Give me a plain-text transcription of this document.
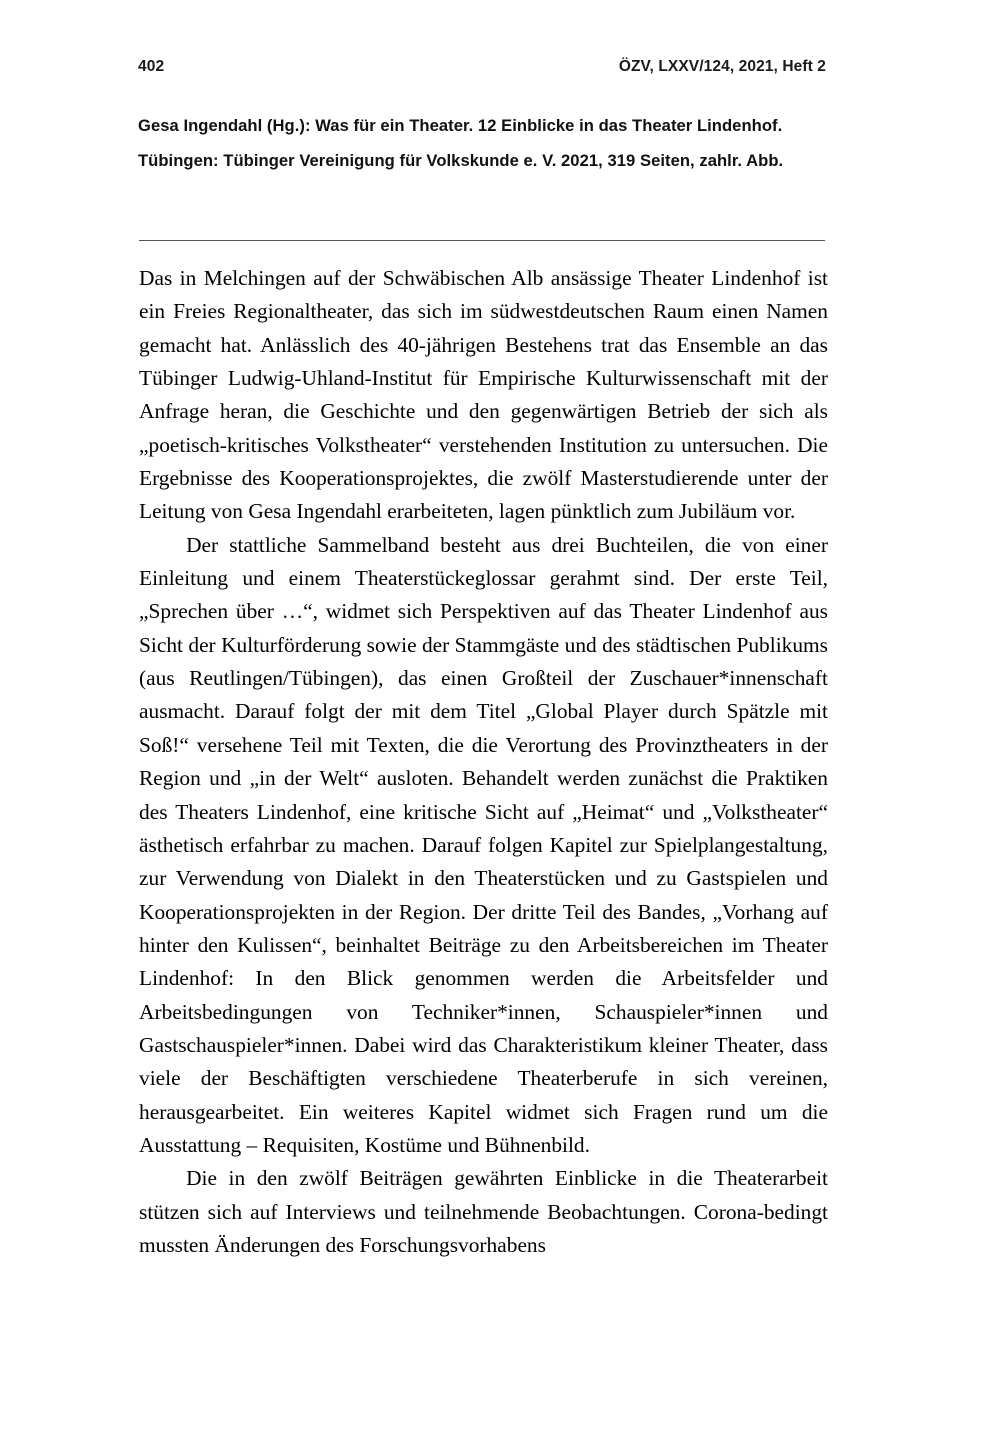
402	ÖZV, LXXV/124, 2021, Heft 2
Gesa Ingendahl (Hg.): Was für ein Theater. 12 Einblicke in das Theater Lindenhof. Tübingen: Tübinger Vereinigung für Volkskunde e. V. 2021, 319 Seiten, zahlr. Abb.

Das in Melchingen auf der Schwäbischen Alb ansässige Theater Lindenhof ist ein Freies Regionaltheater, das sich im südwestdeutschen Raum einen Namen gemacht hat. Anlässlich des 40-jährigen Bestehens trat das Ensemble an das Tübinger Ludwig-Uhland-Institut für Empirische Kulturwissenschaft mit der Anfrage heran, die Geschichte und den gegenwärtigen Betrieb der sich als „poetisch-kritisches Volkstheater“ verstehenden Institution zu untersuchen. Die Ergebnisse des Kooperationsprojektes, die zwölf Masterstudierende unter der Leitung von Gesa Ingendahl erarbeiteten, lagen pünktlich zum Jubiläum vor.

Der stattliche Sammelband besteht aus drei Buchteilen, die von einer Einleitung und einem Theaterstückeglossar gerahmt sind. Der erste Teil, „Sprechen über …“, widmet sich Perspektiven auf das Theater Lindenhof aus Sicht der Kulturförderung sowie der Stammgäste und des städtischen Publikums (aus Reutlingen/Tübingen), das einen Großteil der Zuschauer*innenschaft ausmacht. Darauf folgt der mit dem Titel „Global Player durch Spätzle mit Soß!“ versehene Teil mit Texten, die die Verortung des Provinztheaters in der Region und „in der Welt“ ausloten. Behandelt werden zunächst die Praktiken des Theaters Lindenhof, eine kritische Sicht auf „Heimat“ und „Volkstheater“ ästhetisch erfahrbar zu machen. Darauf folgen Kapitel zur Spielplangestaltung, zur Verwendung von Dialekt in den Theaterstücken und zu Gastspielen und Kooperationsprojekten in der Region. Der dritte Teil des Bandes, „Vorhang auf hinter den Kulissen“, beinhaltet Beiträge zu den Arbeitsbereichen im Theater Lindenhof: In den Blick genommen werden die Arbeitsfelder und Arbeitsbedingungen von Techniker*innen, Schauspieler*innen und Gastschauspieler*innen. Dabei wird das Charakteristikum kleiner Theater, dass viele der Beschäftigten verschiedene Theaterberufe in sich vereinen, herausgearbeitet. Ein weiteres Kapitel widmet sich Fragen rund um die Ausstattung – Requisiten, Kostüme und Bühnenbild.

Die in den zwölf Beiträgen gewährten Einblicke in die Theaterarbeit stützen sich auf Interviews und teilnehmende Beobachtungen. Corona-bedingt mussten Änderungen des Forschungsvorhabens
